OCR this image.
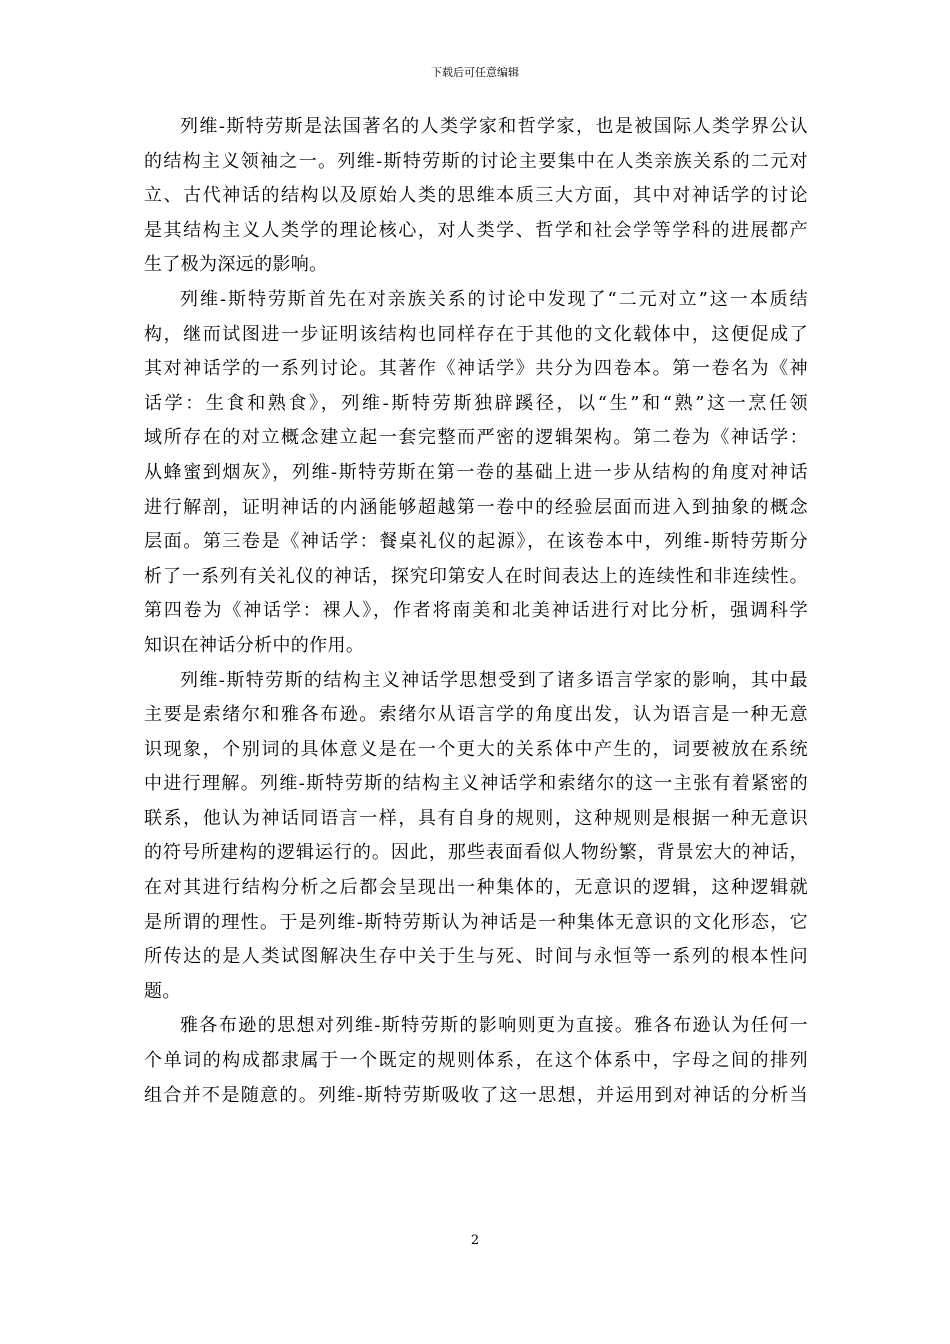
下载后可任意编辑
列维-斯特劳斯是法国著名的人类学家和哲学家，也是被国际人类学界公认
的结构主义领袖之一。列维-斯特劳斯的讨论主要集中在人类亲族关系的二元对
立、古代神话的结构以及原始人类的思维本质三大方面，其中对神话学的讨论
是其结构主义人类学的理论核心，对人类学、哲学和社会学等学科的进展都产
生了极为深远的影响。
列维-斯特劳斯首先在对亲族关系的讨论中发现了“二元对立”这一本质结
构，继而试图进一步证明该结构也同样存在于其他的文化载体中，这便促成了
其对神话学的一系列讨论。其著作《神话学》共分为四卷本。第一卷名为《神
话学：生食和熟食》，列维-斯特劳斯独辟蹊径，以“生”和“熟”这一烹任领
域所存在的对立概念建立起一套完整而严密的逻辑架构。第二卷为《神话学：
从蜂蜜到烟灰》，列维-斯特劳斯在第一卷的基础上进一步从结构的角度对神话
进行解剖，证明神话的内涵能够超越第一卷中的经验层面而进入到抽象的概念
层面。第三卷是《神话学：餐桌礼仪的起源》，在该卷本中，列维-斯特劳斯分
析了一系列有关礼仪的神话，探究印第安人在时间表达上的连续性和非连续性。
第四卷为《神话学：裸人》，作者将南美和北美神话进行对比分析，强调科学
知识在神话分析中的作用。
列维-斯特劳斯的结构主义神话学思想受到了诸多语言学家的影响，其中最
主要是索绪尔和雅各布逊。索绪尔从语言学的角度出发，认为语言是一种无意
识现象，个别词的具体意义是在一个更大的关系体中产生的，词要被放在系统
中进行理解。列维-斯特劳斯的结构主义神话学和索绪尔的这一主张有着紧密的
联系，他认为神话同语言一样，具有自身的规则，这种规则是根据一种无意识
的符号所建构的逻辑运行的。因此，那些表面看似人物纷繁，背景宏大的神话，
在对其进行结构分析之后都会呈现出一种集体的，无意识的逻辑，这种逻辑就
是所谓的理性。于是列维-斯特劳斯认为神话是一种集体无意识的文化形态，它
所传达的是人类试图解决生存中关于生与死、时间与永恒等一系列的根本性问
题。
雅各布逊的思想对列维-斯特劳斯的影响则更为直接。雅各布逊认为任何一
个单词的构成都隶属于一个既定的规则体系，在这个体系中，字母之间的排列
组合并不是随意的。列维-斯特劳斯吸收了这一思想，并运用到对神话的分析当
2
